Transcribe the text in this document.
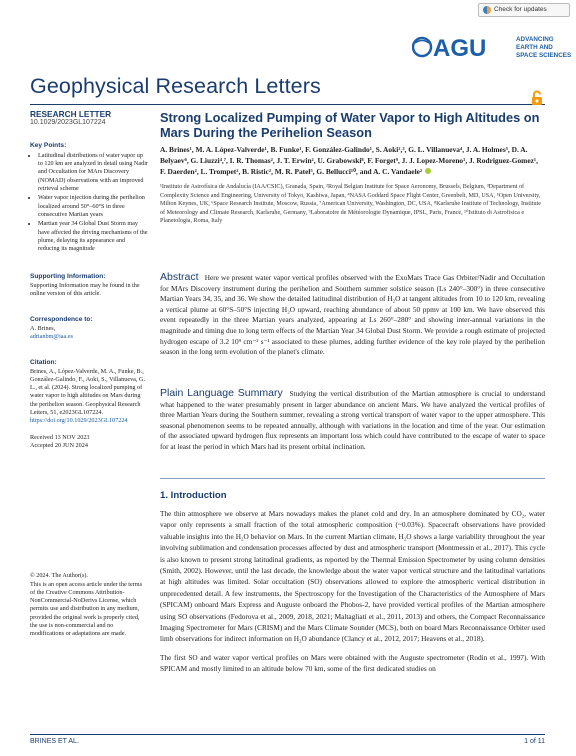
Check for updates
AGU	ADVANCING
EARTH AND
SPACE SCIENCES
Geophysical Research Letters
RESEARCH LETTER
10.1029/2023GL107224
Key Points:
• Latitudinal distributions of water vapor up to 120 km are analyzed in detail using Nadir and Occultation for MArs Discovery (NOMAD) observations with an improved retrieval scheme
• Water vapor injection during the perihelion localized around 50°–60°S in three consecutive Martian years
• Martian year 34 Global Dust Storm may have affected the driving mechanisms of the plume, delaying its appearance and reducing its magnitude
Supporting Information:
Supporting Information may be found in the online version of this article.
Correspondence to:
A. Brines,
adrianbm@iaa.es
Citation:
Brines, A., López-Valverde, M. A., Funke, B., González-Galindo, F., Aoki, S., Villanueva, G. L., et al. (2024). Strong localized pumping of water vapor to high altitudes on Mars during the perihelion season. Geophysical Research Letters, 51, e2023GL107224.
https://doi.org/10.1029/2023GL107224
Received 13 NOV 2023
Accepted 20 JUN 2024
© 2024. The Author(s).
This is an open access article under the terms of the Creative Commons Attribution-NonCommercial-NoDerivs License, which permits use and distribution in any medium, provided the original work is properly cited, the use is non-commercial and no modifications or adaptations are made.
Strong Localized Pumping of Water Vapor to High Altitudes on Mars During the Perihelion Season
A. Brines¹, M. A. López-Valverde¹, B. Funke¹, F. González-Galindo¹, S. Aoki²,³, G. L. Villanueva⁴, J. A. Holmes⁵, D. A. Belyaev⁶, G. Liuzzi⁴,⁷, I. R. Thomas², J. T. Erwin², U. Grabowski⁸, F. Forget⁹, J. J. Lopez-Moreno¹, J. Rodriguez-Gomez¹, F. Daerden², L. Trompet², B. Ristic², M. R. Patel⁵, G. Bellucci¹⁰, and A. C. Vandaele²
¹Instituto de Astrofísica de Andalucía (IAA/CSIC), Granada, Spain, ²Royal Belgian Institute for Space Aeronomy, Brussels, Belgium, ³Department of Complexity Science and Engineering, University of Tokyo, Kashiwa, Japan, ⁴NASA Goddard Space Flight Center, Greenbelt, MD, USA, ⁵Open University, Milton Keynes, UK, ⁶Space Research Institute, Moscow, Russia, ⁷American University, Washington, DC, USA, ⁸Karlsruhe Institute of Technology, Institute of Meteorology and Climate Research, Karlsruhe, Germany, ⁹Laboratoire de Météorologie Dynamique, IPSL, Paris, France, ¹⁰Istituto di Astrofisica e Planetologia, Roma, Italy
Abstract Here we present water vapor vertical profiles observed with the ExoMars Trace Gas Orbiter/Nadir and Occultation for MArs Discovery instrument during the perihelion and Southern summer solstice season (Ls 240°–300°) in three consecutive Martian Years 34, 35, and 36. We show the detailed latitudinal distribution of H₂O at tangent altitudes from 10 to 120 km, revealing a vertical plume at 60°S–50°S injecting H₂O upward, reaching abundance of about 50 ppmv at 100 km. We have observed this event repeatedly in the three Martian years analyzed, appearing at Ls 260°–280° and showing inter-annual variations in the magnitude and timing due to long term effects of the Martian Year 34 Global Dust Storm. We provide a rough estimate of projected hydrogen escape of 3.2 10⁹ cm⁻² s⁻¹ associated to these plumes, adding further evidence of the key role played by the perihelion season in the long term evolution of the planet's climate.
Plain Language Summary Studying the vertical distribution of the Martian atmosphere is crucial to understand what happened to the water presumably present in larger abundance on ancient Mars. We have analyzed the vertical profiles of three Martian Years during the Southern summer, revealing a strong vertical transport of water vapor to the upper atmosphere. This seasonal phenomenon seems to be repeated annually, although with variations in the location and time of the year. Our estimation of the associated upward hydrogen flux represents an important loss which could have contributed to the escape of water to space for at least the period in which Mars had its present orbital inclination.
1. Introduction

The thin atmosphere we observe at Mars nowadays makes the planet cold and dry. In an atmosphere dominated by CO₂, water vapor only represents a small fraction of the total atmospheric composition (~0.03%). Spacecraft observations have provided valuable insights into the H₂O behavior on Mars. In the current Martian climate, H₂O shows a large variability throughout the year involving sublimation and condensation processes affected by dust and atmospheric transport (Montmessin et al., 2017). This cycle is also known to present strong latitudinal gradients, as reported by the Thermal Emission Spectrometer by using column densities (Smith, 2002). However, until the last decade, the knowledge about the water vapor vertical structure and the latitudinal variations at high altitudes was limited. Solar occultation (SO) observations allowed to explore the atmospheric vertical distribution in unprecedented detail. A few instruments, the Spectroscopy for the Investigation of the Characteristics of the Atmosphere of Mars (SPICAM) onboard Mars Express and Auguste onboard the Phobos-2, have provided vertical profiles of the Martian atmosphere using SO observations (Fedorova et al., 2009, 2018, 2021; Maltagliati et al., 2011, 2013) and others, the Compact Reconnaissance Imaging Spectrometer for Mars (CRISM) and the Mars Climate Sounder (MCS), both on board Mars Reconnaissance Orbiter used limb observations for indirect information on H₂O abundance (Clancy et al., 2012, 2017; Heavens et al., 2018).

The first SO and water vapor vertical profiles on Mars were obtained with the Auguste spectrometer (Rodin et al., 1997). With SPICAM and mostly limited to an altitude below 70 km, some of the first dedicated studies on

BRINES ET AL.	1 of 11
